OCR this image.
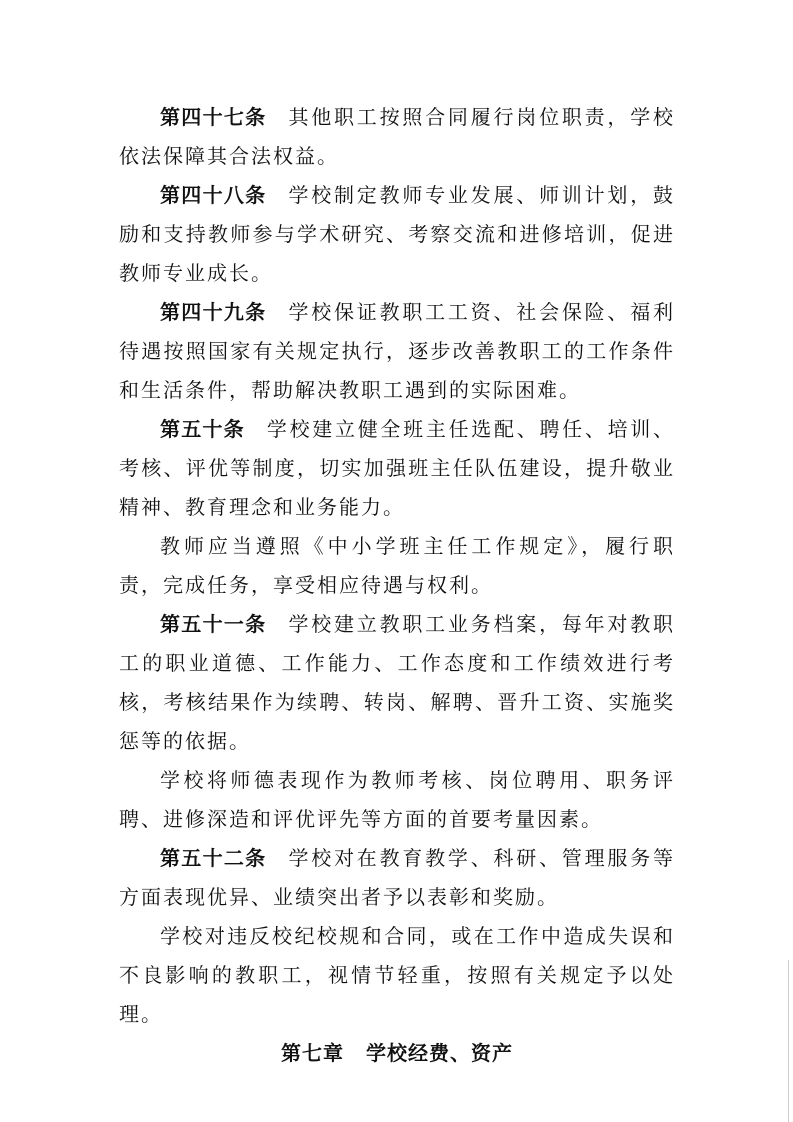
第四十七条 其他职工按照合同履行岗位职责，学校依法保障其合法权益。

第四十八条 学校制定教师专业发展、师训计划，鼓励和支持教师参与学术研究、考察交流和进修培训，促进教师专业成长。

第四十九条 学校保证教职工工资、社会保险、福利待遇按照国家有关规定执行，逐步改善教职工的工作条件和生活条件，帮助解决教职工遇到的实际困难。

第五十条 学校建立健全班主任选配、聘任、培训、考核、评优等制度，切实加强班主任队伍建设，提升敬业精神、教育理念和业务能力。

教师应当遵照《中小学班主任工作规定》，履行职责，完成任务，享受相应待遇与权利。

第五十一条 学校建立教职工业务档案，每年对教职工的职业道德、工作能力、工作态度和工作绩效进行考核，考核结果作为续聘、转岗、解聘、晋升工资、实施奖惩等的依据。

学校将师德表现作为教师考核、岗位聘用、职务评聘、进修深造和评优评先等方面的首要考量因素。

第五十二条 学校对在教育教学、科研、管理服务等方面表现优异、业绩突出者予以表彰和奖励。

学校对违反校纪校规和合同，或在工作中造成失误和不良影响的教职工，视情节轻重，按照有关规定予以处理。

第七章 学校经费、资产
